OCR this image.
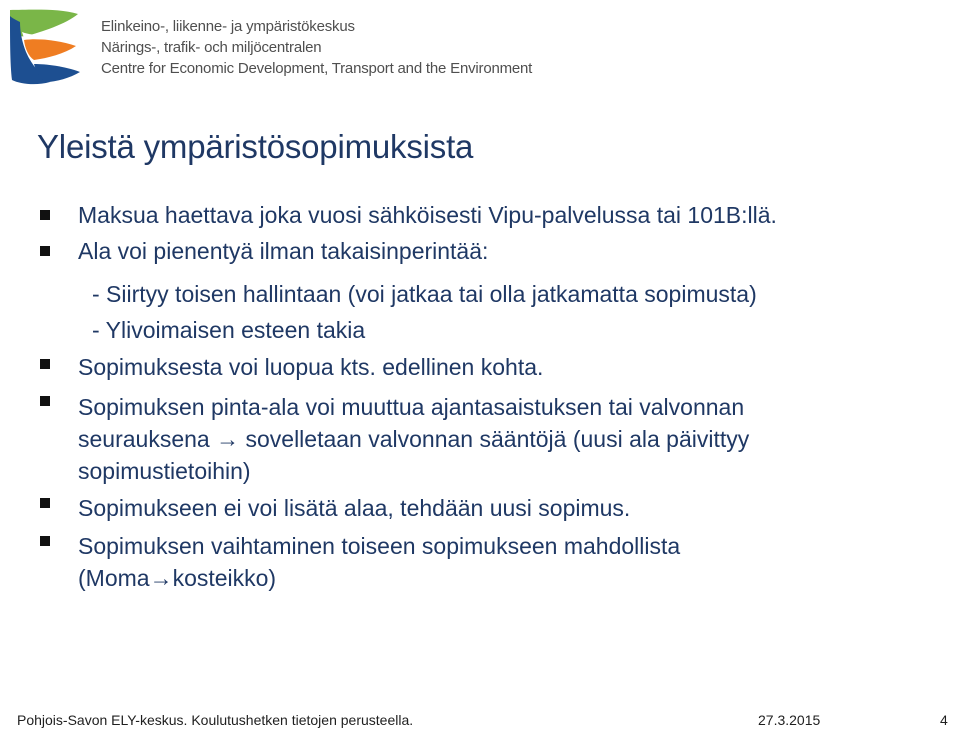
Elinkeino-, liikenne- ja ympäristökeskus
Närings-, trafik- och miljöcentralen
Centre for Economic Development, Transport and the Environment
Yleistä ympäristösopimuksista
Maksua haettava joka vuosi sähköisesti Vipu-palvelussa tai 101B:llä.
Ala voi pienentyä ilman takaisinperintää:
- Siirtyy toisen hallintaan (voi jatkaa tai olla jatkamatta sopimusta)
- Ylivoimaisen esteen takia
Sopimuksesta voi luopua kts. edellinen kohta.
Sopimuksen pinta-ala voi muuttua ajantasaistuksen tai valvonnan
seurauksena → sovelletaan valvonnan sääntöjä (uusi ala päivittyy
sopimustietoihin)
Sopimukseen ei voi lisätä alaa, tehdään uusi sopimus.
Sopimuksen vaihtaminen toiseen sopimukseen mahdollista
(Moma→kosteikko)
Pohjois-Savon ELY-keskus. Koulutushetken tietojen perusteella.	27.3.2015	4
